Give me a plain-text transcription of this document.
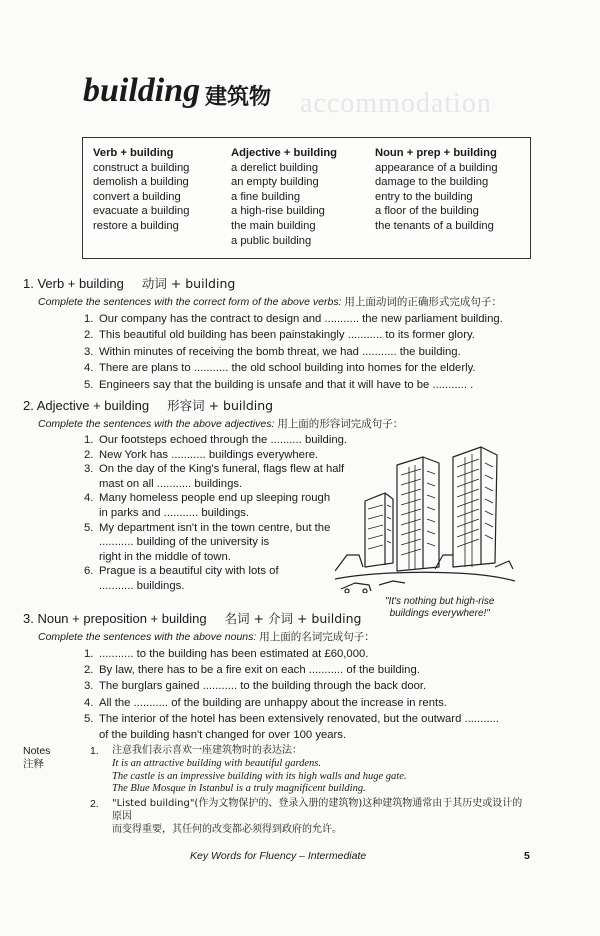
accommodation
building 建筑物
Verb + building
construct a building
demolish a building
convert a building
evacuate a building
restore a building
Adjective + building
a derelict building
an empty building
a fine building
a high-rise building
the main building
a public building
Noun + prep + building
appearance of a building
damage to the building
entry to the building
a floor of the building
the tenants of a building
1. Verb + building 动词 + building
Complete the sentences with the correct form of the above verbs: 用上面动词的正确形式完成句子：
1. Our company has the contract to design and ........... the new parliament building.
2. This beautiful old building has been painstakingly ........... to its former glory.
3. Within minutes of receiving the bomb threat, we had ........... the building.
4. There are plans to ........... the old school building into homes for the elderly.
5. Engineers say that the building is unsafe and that it will have to be ........... .
2. Adjective + building 形容词 + building
Complete the sentences with the above adjectives: 用上面的形容词完成句子：
1. Our footsteps echoed through the .......... building.
2. New York has ........... buildings everywhere.
3. On the day of the King's funeral, flags flew at half
mast on all ........... buildings.
4. Many homeless people end up sleeping rough
in parks and ........... buildings.
5. My department isn't in the town centre, but the
........... building of the university is
right in the middle of town.
6. Prague is a beautiful city with lots of
........... buildings.
"It's nothing but high-rise
buildings everywhere!"
3. Noun + preposition + building 名词 + 介词 + building
Complete the sentences with the above nouns: 用上面的名词完成句子：
1. ........... to the building has been estimated at £60,000.
2. By law, there has to be a fire exit on each ........... of the building.
3. The burglars gained ........... to the building through the back door.
4. All the ........... of the building are unhappy about the increase in rents.
5. The interior of the hotel has been extensively renovated, but the outward ...........
of the building hasn't changed for over 100 years.
Notes
注释
1. 注意我们表示喜欢一座建筑物时的表达法：
It is an attractive building with beautiful gardens.
The castle is an impressive building with its high walls and huge gate.
The Blue Mosque in Istanbul is a truly magnificent building.
2. "Listed building"(作为文物保护的、登录入册的建筑物)这种建筑物通常由于其历史或设计的原因
而变得重要，其任何的改变都必须得到政府的允许。
Key Words for Fluency – Intermediate	5
